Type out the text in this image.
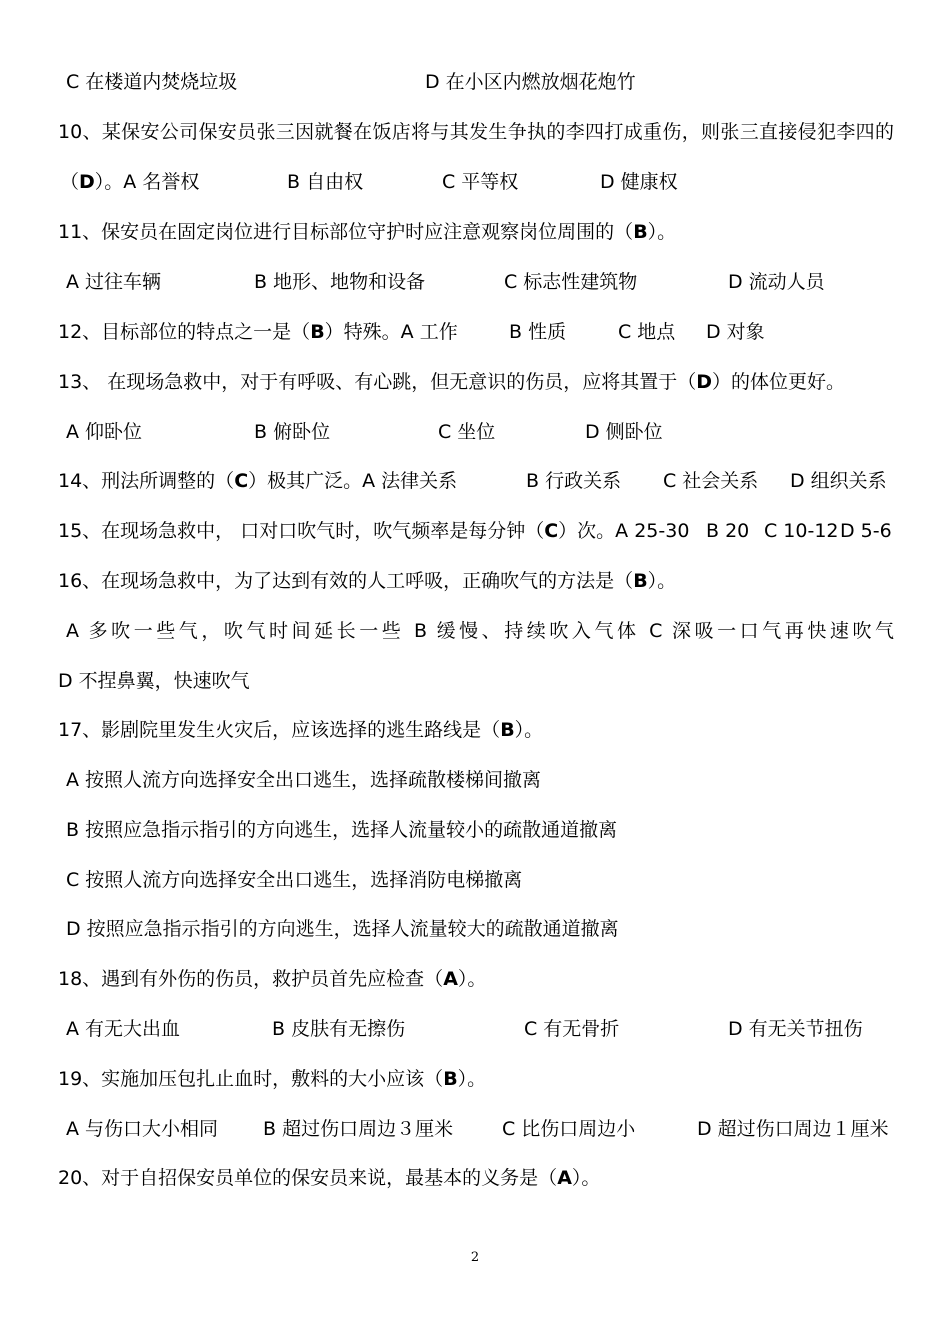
C 在楼道内焚烧垃圾	D 在小区内燃放烟花炮竹
10、某保安公司保安员张三因就餐在饭店将与其发生争执的李四打成重伤，则张三直接侵犯李四的
（D）。A 名誉权	B 自由权	C 平等权	D 健康权
11、保安员在固定岗位进行目标部位守护时应注意观察岗位周围的（B）。
A 过往车辆	B 地形、地物和设备	C 标志性建筑物	D 流动人员
12、目标部位的特点之一是（B）特殊。A 工作	B 性质	C 地点 D 对象
13、 在现场急救中，对于有呼吸、有心跳，但无意识的伤员，应将其置于（D）的体位更好。
A 仰卧位	B 俯卧位	C 坐位	D 侧卧位
14、刑法所调整的（C）极其广泛。A 法律关系	B 行政关系 C 社会关系 D 组织关系
15、在现场急救中， 口对口吹气时，吹气频率是每分钟（C）次。A 25-30 B 20 C 10-12 D 5-6
16、在现场急救中，为了达到有效的人工呼吸，正确吹气的方法是（B）。
A 多吹一些气，吹气时间延长一些 B 缓慢、持续吹入气体 C 深吸一口气再快速吹气
D 不捏鼻翼，快速吹气
17、影剧院里发生火灾后，应该选择的逃生路线是（B）。
A 按照人流方向选择安全出口逃生，选择疏散楼梯间撤离
B 按照应急指示指引的方向逃生，选择人流量较小的疏散通道撤离
C 按照人流方向选择安全出口逃生，选择消防电梯撤离
D 按照应急指示指引的方向逃生，选择人流量较大的疏散通道撤离
18、遇到有外伤的伤员，救护员首先应检查（A）。
A 有无大出血	B 皮肤有无擦伤	C 有无骨折	D 有无关节扭伤
19、实施加压包扎止血时，敷料的大小应该（B）。
A 与伤口大小相同 B 超过伤口周边３厘米	C 比伤口周边小	D 超过伤口周边１厘米
20、对于自招保安员单位的保安员来说，最基本的义务是（A）。
2
